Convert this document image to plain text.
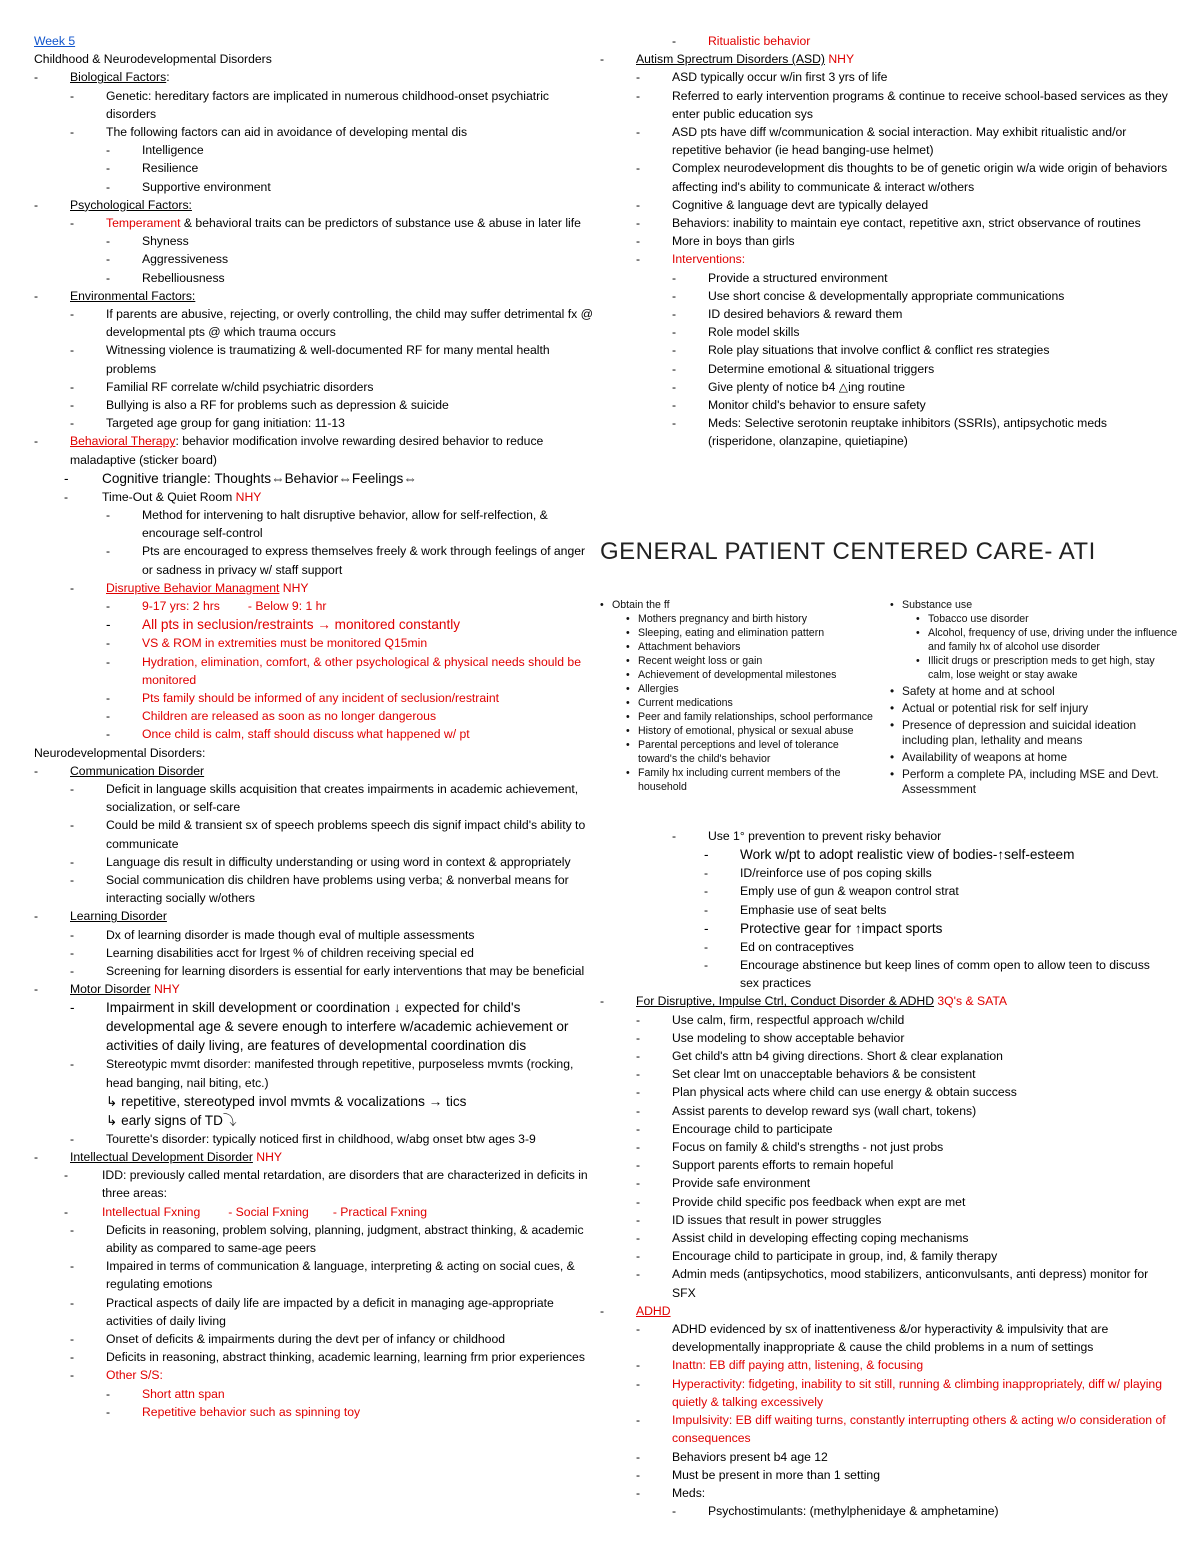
Week 5
Childhood & Neurodevelopmental Disorders
- Biological Factors:
- Genetic: hereditary factors are implicated in numerous childhood-onset psychiatric disorders
- The following factors can aid in avoidance of developing mental dis
- Intelligence
- Resilience
- Supportive environment
- Psychological Factors:
- Temperament & behavioral traits can be predictors of substance use & abuse in later life
- Shyness
- Aggressiveness
- Rebelliousness
- Environmental Factors:
- If parents are abusive, rejecting, or overly controlling, the child may suffer detrimental fx @ developmental pts @ which trauma occurs
- Witnessing violence is traumatizing & well-documented RF for many mental health problems
- Familial RF correlate w/child psychiatric disorders
- Bullying is also a RF for problems such as depression & suicide
- Targeted age group for gang initiation: 11-13
- Behavioral Therapy: behavior modification involve rewarding desired behavior to reduce maladaptive (sticker board)
- Cognitive triangle: Thoughts⇔Behavior⇔Feelings⇔
- Time-Out & Quiet Room NHY
- Method for intervening to halt disruptive behavior, allow for self-relfection, & encourage self-control
- Pts are encouraged to express themselves freely & work through feelings of anger or sadness in privacy w/ staff support
- Disruptive Behavior Managment NHY
- 9-17 yrs: 2 hrs - Below 9: 1 hr
- All pts in seclusion/restraints → monitored constantly
- VS & ROM in extremities must be monitored Q15min
- Hydration, elimination, comfort, & other psychological & physical needs should be monitored
- Pts family should be informed of any incident of seclusion/restraint
- Children are released as soon as no longer dangerous
- Once child is calm, staff should discuss what happened w/ pt
Neurodevelopmental Disorders:
- Communication Disorder
- Deficit in language skills acquisition that creates impairments in academic achievement, socialization, or self-care
- Could be mild & transient sx of speech problems speech dis signif impact child's ability to communicate
- Language dis result in difficulty understanding or using word in context & appropriately
- Social communication dis children have problems using verba; & nonverbal means for interacting socially w/others
- Learning Disorder
- Dx of learning disorder is made though eval of multiple assessments
- Learning disabilities acct for lrgest % of children receiving special ed
- Screening for learning disorders is essential for early interventions that may be beneficial
- Motor Disorder NHY
- Impairment in skill development or coordination ↓ expected for child's developmental age & severe enough to interfere w/academic achievement or activities of daily living, are features of developmental coordination dis
- Stereotypic mvmt disorder: manifested through repetitive, purposeless mvmts (rocking, head banging, nail biting, etc.)
↳ repetitive, stereotyped invol mvmts & vocalizations → tics
↳ early signs of TD⤵
- Tourette's disorder: typically noticed first in childhood, w/abg onset btw ages 3-9
- Intellectual Development Disorder NHY
- IDD: previously called mental retardation, are disorders that are characterized in deficits in three areas:
- Intellectual Fxning - Social Fxning - Practical Fxning
- Deficits in reasoning, problem solving, planning, judgment, abstract thinking, & academic ability as compared to same-age peers
- Impaired in terms of communication & language, interpreting & acting on social cues, & regulating emotions
- Practical aspects of daily life are impacted by a deficit in managing age-appropriate activities of daily living
- Onset of deficits & impairments during the devt per of infancy or childhood
- Deficits in reasoning, abstract thinking, academic learning, learning frm prior experiences
- Other S/S:
- Short attn span
- Repetitive behavior such as spinning toy
- Ritualistic behavior
- Autism Sprectrum Disorders (ASD) NHY
- ASD typically occur w/in first 3 yrs of life
- Referred to early intervention programs & continue to receive school-based services as they enter public education sys
- ASD pts have diff w/communication & social interaction. May exhibit ritualistic and/or repetitive behavior (ie head banging-use helmet)
- Complex neurodevelopment dis thoughts to be of genetic origin w/a wide origin of behaviors affecting ind's ability to communicate & interact w/others
- Cognitive & language devt are typically delayed
- Behaviors: inability to maintain eye contact, repetitive axn, strict observance of routines
- More in boys than girls
- Interventions:
- Provide a structured environment
- Use short concise & developmentally appropriate communications
- ID desired behaviors & reward them
- Role model skills
- Role play situations that involve conflict & conflict res strategies
- Determine emotional & situational triggers
- Give plenty of notice b4 △ing routine
- Monitor child's behavior to ensure safety
- Meds: Selective serotonin reuptake inhibitors (SSRIs), antipsychotic meds (risperidone, olanzapine, quietiapine)
GENERAL PATIENT CENTERED CARE- ATI
• Obtain the ff
• Mothers pregnancy and birth history
• Sleeping, eating and elimination pattern
• Attachment behaviors
• Recent weight loss or gain
• Achievement of developmental milestones
• Allergies
• Current medications
• Peer and family relationships, school performance
• History of emotional, physical or sexual abuse
• Parental perceptions and level of tolerance toward's the child's behavior
• Family hx including current members of the household
• Substance use
• Tobacco use disorder
• Alcohol, frequency of use, driving under the influence and family hx of alcohol use disorder
• Illicit drugs or prescription meds to get high, stay calm, lose weight or stay awake
• Safety at home and at school
• Actual or potential risk for self injury
• Presence of depression and suicidal ideation including plan, lethality and means
• Availability of weapons at home
• Perform a complete PA, including MSE and Devt. Assessmment
- Use 1° prevention to prevent risky behavior
- Work w/pt to adopt realistic view of bodies-↑self-esteem
- ID/reinforce use of pos coping skills
- Emply use of gun & weapon control strat
- Emphasie use of seat belts
- Protective gear for ↑impact sports
- Ed on contraceptives
- Encourage abstinence but keep lines of comm open to allow teen to discuss sex practices
- For Disruptive, Impulse Ctrl, Conduct Disorder & ADHD 3Q's & SATA
- Use calm, firm, respectful approach w/child
- Use modeling to show acceptable behavior
- Get child's attn b4 giving directions. Short & clear explanation
- Set clear lmt on unacceptable behaviors & be consistent
- Plan physical acts where child can use energy & obtain success
- Assist parents to develop reward sys (wall chart, tokens)
- Encourage child to participate
- Focus on family & child's strengths - not just probs
- Support parents efforts to remain hopeful
- Provide safe environment
- Provide child specific pos feedback when expt are met
- ID issues that result in power struggles
- Assist child in developing effecting coping mechanisms
- Encourage child to participate in group, ind, & family therapy
- Admin meds (antipsychotics, mood stabilizers, anticonvulsants, anti depress) monitor for SFX
- ADHD
- ADHD evidenced by sx of inattentiveness &/or hyperactivity & impulsivity that are developmentally inappropriate & cause the child problems in a num of settings
- Inattn: EB diff paying attn, listening, & focusing
- Hyperactivity: fidgeting, inability to sit still, running & climbing inappropriately, diff w/ playing quietly & talking excessively
- Impulsivity: EB diff waiting turns, constantly interrupting others & acting w/o consideration of consequences
- Behaviors present b4 age 12
- Must be present in more than 1 setting
- Meds:
- Psychostimulants: (methylphenidaye & amphetamine)
